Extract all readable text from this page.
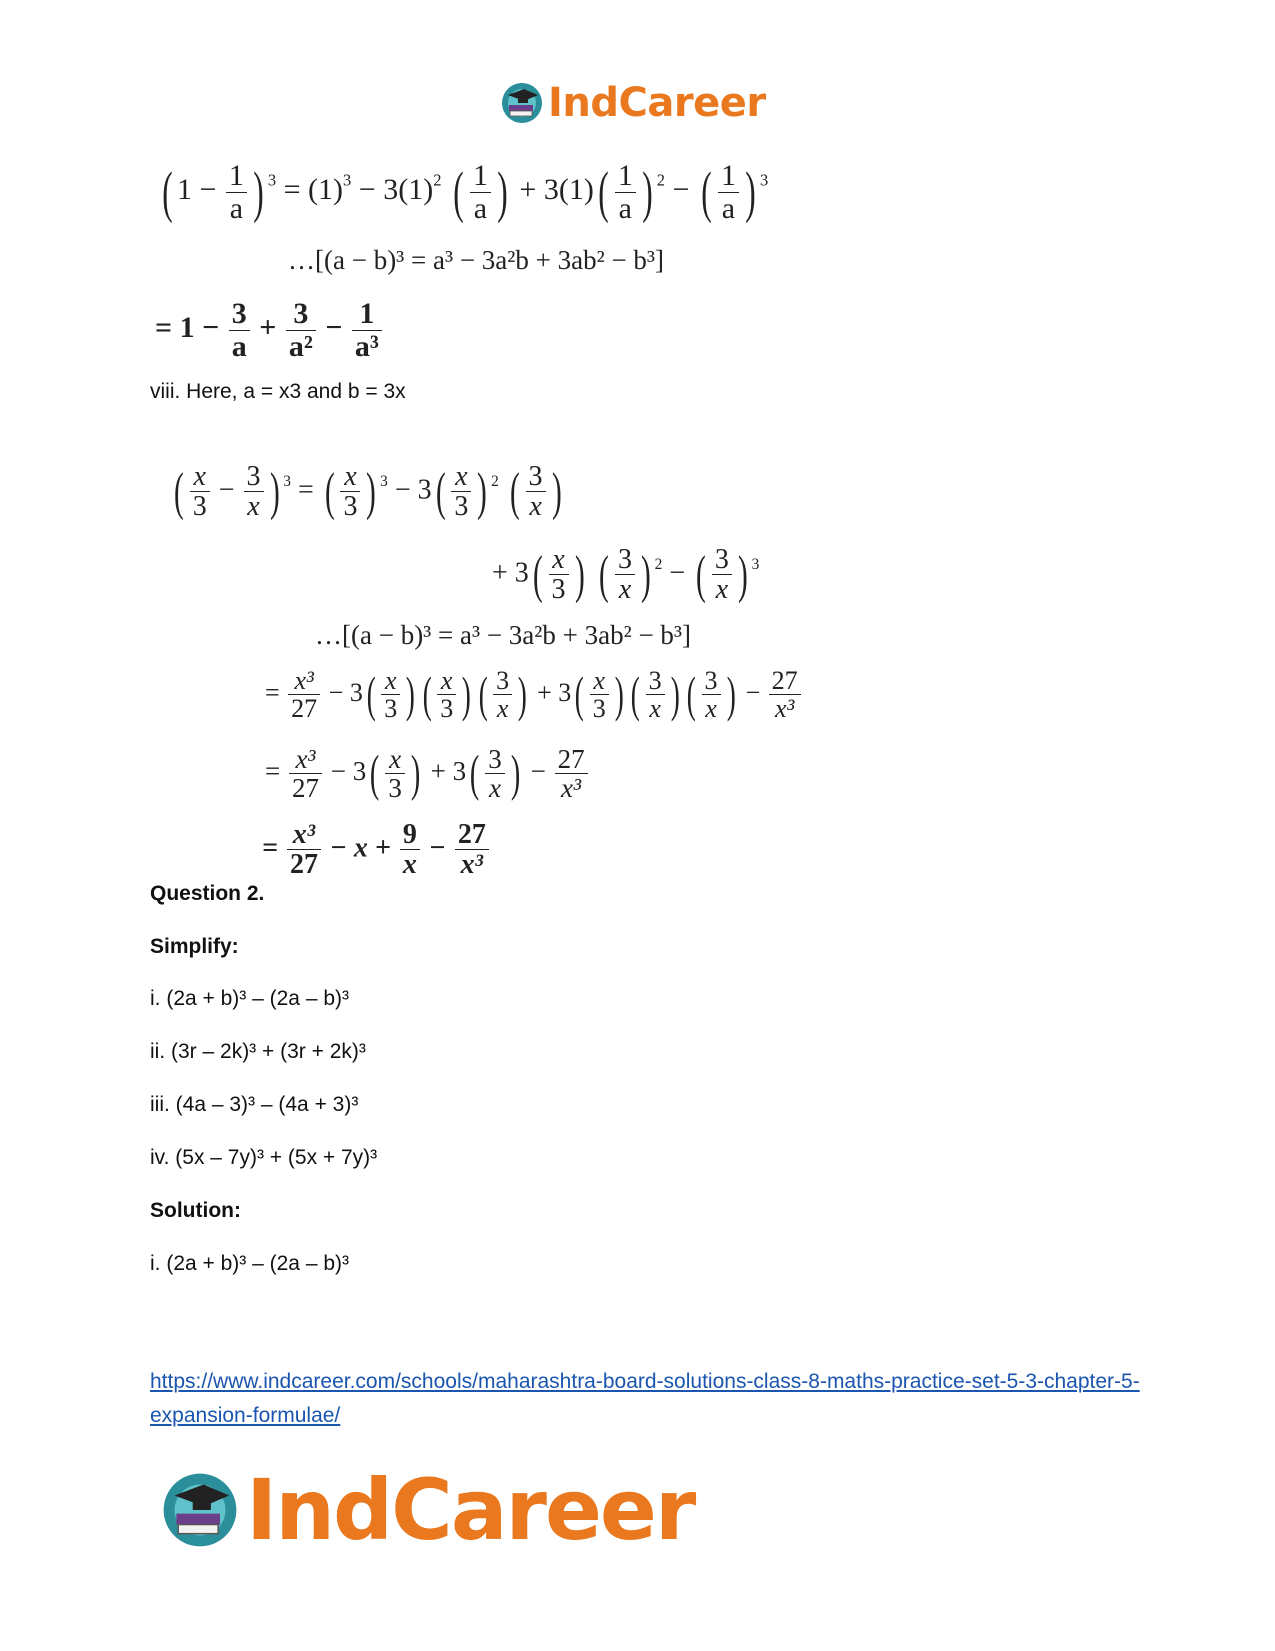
IndCareer
( $1 - \frac{1}{a}$ ) $^3 = (1)^3 - 3(1)^2$ ( $\frac{1}{a}$ ) + $3(1)( \frac{1}{a}$ ) $^2$ − ( $\frac{1}{a}$ ) $^3$
…[(a − b)³ = a³ − 3a²b + 3ab² − b³]
= $1 - \frac{3}{a} + \frac{3}{\text{a²}} - \frac{1}{\text{a³}}$
viii. Here, a = x3 and b = 3x
( $\frac{x}{3} - \frac{3}{x}$ ) $^3$ = ( $\frac{x}{3}$ ) $^3 - 3( \frac{x}{3}$ ) $^2$ ( $\frac{3}{x}$ )
+ $3( \frac{x}{3}$ ) ( $\frac{3}{x}$ ) $^2$ − ( $\frac{3}{x}$ ) $^3$
…[(a − b)³ = a³ − 3a²b + 3ab² − b³]
= $\frac{\text{x³}}{27} - 3( \frac{x}{3}$ ) ( $\frac{x}{3}$ ) ( $\frac{3}{x}$ ) + $3( \frac{x}{3}$ ) ( $\frac{3}{x}$ ) ( $\frac{3}{x}$ ) − $\frac{27}{\text{x³}}$
= $\frac{\text{x³}}{27} - 3( \frac{x}{3}$ ) + $3( \frac{3}{x}$ ) − $\frac{27}{\text{x³}}$
= $\frac{\text{x³}}{27} - x + \frac{9}{x} - \frac{27}{\text{x³}}$
Question 2.
Simplify:
i. (2a + b)³ – (2a – b)³
ii. (3r – 2k)³ + (3r + 2k)³
iii. (4a – 3)³ – (4a + 3)³
iv. (5x – 7y)³ + (5x + 7y)³
Solution:
i. (2a + b)³ – (2a – b)³
https://www.indcareer.com/schools/maharashtra-board-solutions-class-8-maths-practice-set-5-3-chapter-5-expansion-formulae/
IndCareer
